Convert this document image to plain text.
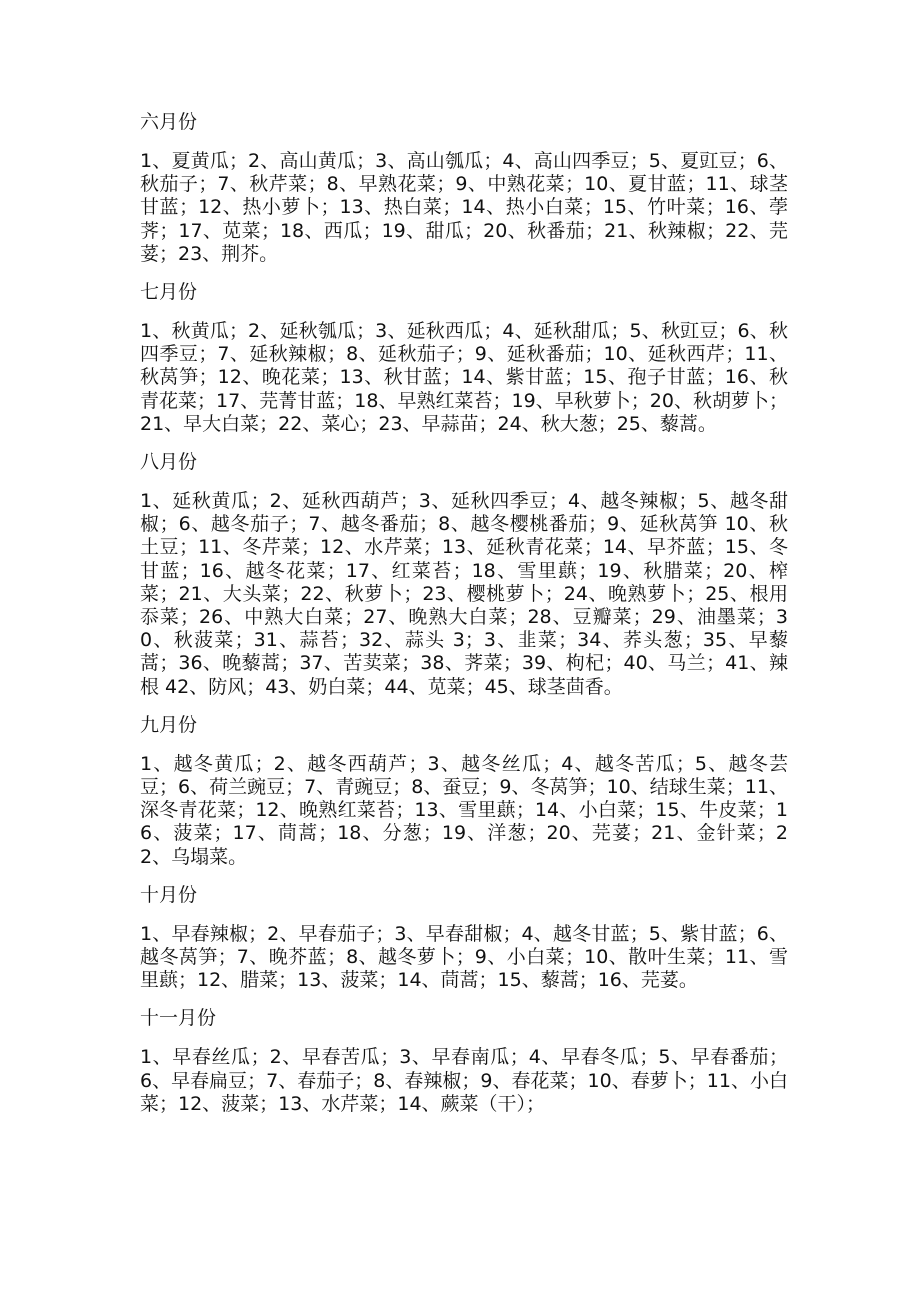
六月份

1、夏黄瓜；2、高山黄瓜；3、高山瓠瓜；4、高山四季豆；5、夏豇豆；6、秋茄子；7、秋芹菜；8、早熟花菜；9、中熟花菜；10、夏甘蓝；11、球茎甘蓝；12、热小萝卜；13、热白菜；14、热小白菜；15、竹叶菜；16、荸荠；17、苋菜；18、西瓜；19、甜瓜；20、秋番茄；21、秋辣椒；22、芫荽；23、荆芥。

七月份

1、秋黄瓜；2、延秋瓠瓜；3、延秋西瓜；4、延秋甜瓜；5、秋豇豆；6、秋四季豆；7、延秋辣椒；8、延秋茄子；9、延秋番茄；10、延秋西芹；11、秋莴笋；12、晚花菜；13、秋甘蓝；14、紫甘蓝；15、孢子甘蓝；16、秋青花菜；17、芫菁甘蓝；18、早熟红菜苔；19、早秋萝卜；20、秋胡萝卜；21、早大白菜；22、菜心；23、早蒜苗；24、秋大葱；25、藜蒿。

八月份

1、延秋黄瓜；2、延秋西葫芦；3、延秋四季豆；4、越冬辣椒；5、越冬甜椒；6、越冬茄子；7、越冬番茄；8、越冬樱桃番茄；9、延秋莴笋 10、秋土豆；11、冬芹菜；12、水芹菜；13、延秋青花菜；14、早芥蓝；15、冬甘蓝；16、越冬花菜；17、红菜苔；18、雪里蕻；19、秋腊菜；20、榨菜；21、大头菜；22、秋萝卜；23、樱桃萝卜；24、晚熟萝卜；25、根用忝菜；26、中熟大白菜；27、晚熟大白菜；28、豆瓣菜；29、油墨菜；30、秋菠菜；31、蒜苔；32、蒜头 3；3、韭菜；34、荞头葱；35、早藜蒿；36、晚藜蒿；37、苦荬菜；38、荠菜；39、枸杞；40、马兰；41、辣根 42、防风；43、奶白菜；44、苋菜；45、球茎茴香。

九月份

1、越冬黄瓜；2、越冬西葫芦；3、越冬丝瓜；4、越冬苦瓜；5、越冬芸豆；6、荷兰豌豆；7、青豌豆；8、蚕豆；9、冬莴笋；10、结球生菜；11、深冬青花菜；12、晚熟红菜苔；13、雪里蕻；14、小白菜；15、牛皮菜；16、菠菜；17、茼蒿；18、分葱；19、洋葱；20、芫荽；21、金针菜；22、乌塌菜。

十月份

1、早春辣椒；2、早春茄子；3、早春甜椒；4、越冬甘蓝；5、紫甘蓝；6、越冬莴笋；7、晚芥蓝；8、越冬萝卜；9、小白菜；10、散叶生菜；11、雪里蕻；12、腊菜；13、菠菜；14、茼蒿；15、藜蒿；16、芫荽。

十一月份

1、早春丝瓜；2、早春苦瓜；3、早春南瓜；4、早春冬瓜；5、早春番茄；6、早春扁豆；7、春茄子；8、春辣椒；9、春花菜；10、春萝卜；11、小白菜；12、菠菜；13、水芹菜；14、蕨菜（干）；
